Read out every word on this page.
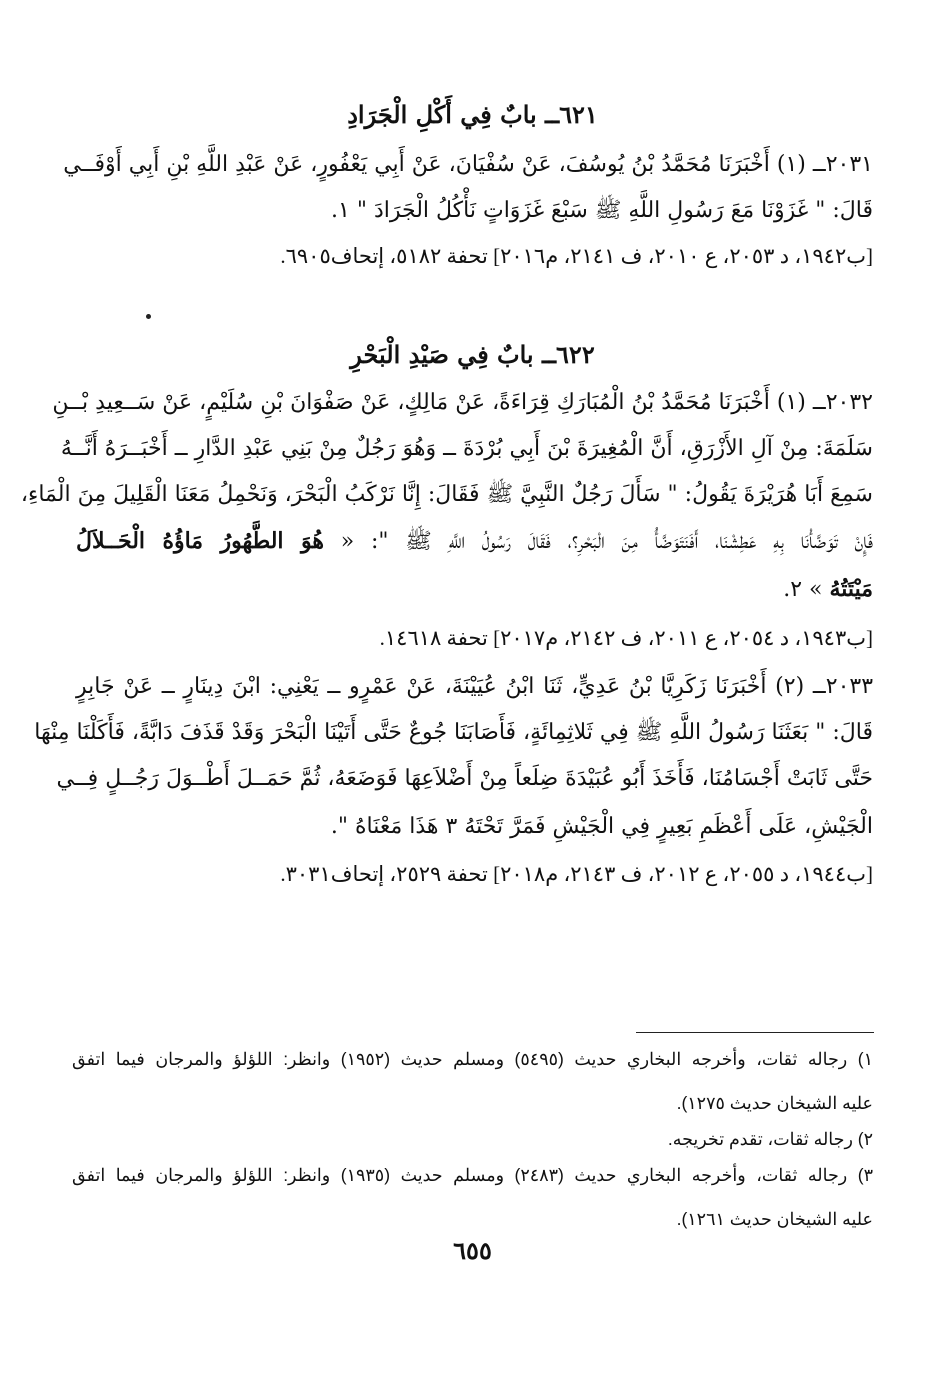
٦٢١ــ بابٌ فِي أَكْلِ الْجَرَادِ
٢٠٣١ــ (١) أَخْبَرَنَا مُحَمَّدُ بْنُ يُوسُفَ، عَنْ سُفْيَانَ، عَنْ أَبِي يَعْفُورٍ، عَنْ عَبْدِ اللَّهِ بْنِ أَبِي أَوْفَــي
قَالَ: " غَزَوْنَا مَعَ رَسُولِ اللَّهِ ﷺ سَبْعَ غَزَوَاتٍ نَأْكُلُ الْجَرَادَ " ١.
[ب١٩٤٢، د ٢٠٥٣، ع ٢٠١٠، ف ٢١٤١، م٢٠١٦] تحفة ٥١٨٢، إتحاف٦٩٠٥.
٦٢٢ــ بابٌ فِي صَيْدِ الْبَحْرِ
٢٠٣٢ــ (١) أَخْبَرَنَا مُحَمَّدُ بْنُ الْمُبَارَكِ قِرَاءَةً، عَنْ مَالِكٍ، عَنْ صَفْوَانَ بْنِ سُلَيْمٍ، عَنْ سَــعِيدِ بْــنِ
سَلَمَةَ: مِنْ آلِ الأَزْرَقِ، أَنَّ الْمُغِيرَةَ بْنَ أَبِي بُرْدَةَ ــ وَهُوَ رَجُلٌ مِنْ بَنِي عَبْدِ الدَّارِ ــ أَخْبَــرَهُ أَنَّــهُ
سَمِعَ أَبَا هُرَيْرَةَ يَقُولُ: " سَأَلَ رَجُلٌ النَّبِيَّ ﷺ فَقَالَ: إِنَّا نَرْكَبُ الْبَحْرَ، وَنَحْمِلُ مَعَنَا الْقَلِيلَ مِنَ الْمَاءِ،
فَإِنْ تَوَضَّأْنَا بِهِ عَطِشْنَا، أَفَنَتَوَضَّأُ مِنَ الْبَحْرِ؟، فَقَالَ رَسُولُ اللَّهِ ﷺ ": « هُوَ الطَّهُورُ مَاؤُهُ الْحَــلاَلُ
مَيْتَتُهُ » ٢.
[ب١٩٤٣، د ٢٠٥٤، ع ٢٠١١، ف ٢١٤٢، م٢٠١٧] تحفة ١٤٦١٨.
٢٠٣٣ــ (٢) أَخْبَرَنَا زَكَرِيَّا بْنُ عَدِيٍّ، ثَنَا ابْنُ عُيَيْنَةَ، عَنْ عَمْرٍو ــ يَعْنِي: ابْنَ دِينَارٍ ــ عَنْ جَابِرٍ
قَالَ: " بَعَثَنَا رَسُولُ اللَّهِ ﷺ فِي ثَلاثِمِائَةٍ، فَأَصَابَنَا جُوعٌ حَتَّى أَتَيْنَا الْبَحْرَ وَقَدْ قَذَفَ دَابَّةً، فَأَكَلْنَا مِنْهَا
حَتَّى ثَابَتْ أَجْسَامُنَا، فَأَخَذَ أَبُو عُبَيْدَةَ ضِلَعاً مِنْ أَضْلاَعِهَا فَوَضَعَهُ، ثُمَّ حَمَــلَ أَطْــوَلَ رَجُــلٍ فِــي
الْجَيْشِ، عَلَى أَعْظَمِ بَعِيرٍ فِي الْجَيْشِ فَمَرَّ تَحْتَهُ ٣ هَذَا مَعْنَاهُ ".
[ب١٩٤٤، د ٢٠٥٥، ع ٢٠١٢، ف ٢١٤٣، م٢٠١٨] تحفة ٢٥٢٩، إتحاف٣٠٣١.
١) رجاله ثقات، وأخرجه البخاري حديث (٥٤٩٥) ومسلم حديث (١٩٥٢) وانظر: اللؤلؤ والمرجان فيما اتفق
عليه الشيخان حديث ١٢٧٥).
٢) رجاله ثقات، تقدم تخريجه.
٣) رجاله ثقات، وأخرجه البخاري حديث (٢٤٨٣) ومسلم حديث (١٩٣٥) وانظر: اللؤلؤ والمرجان فيما اتفق
عليه الشيخان حديث ١٢٦١).
٦٥٥
